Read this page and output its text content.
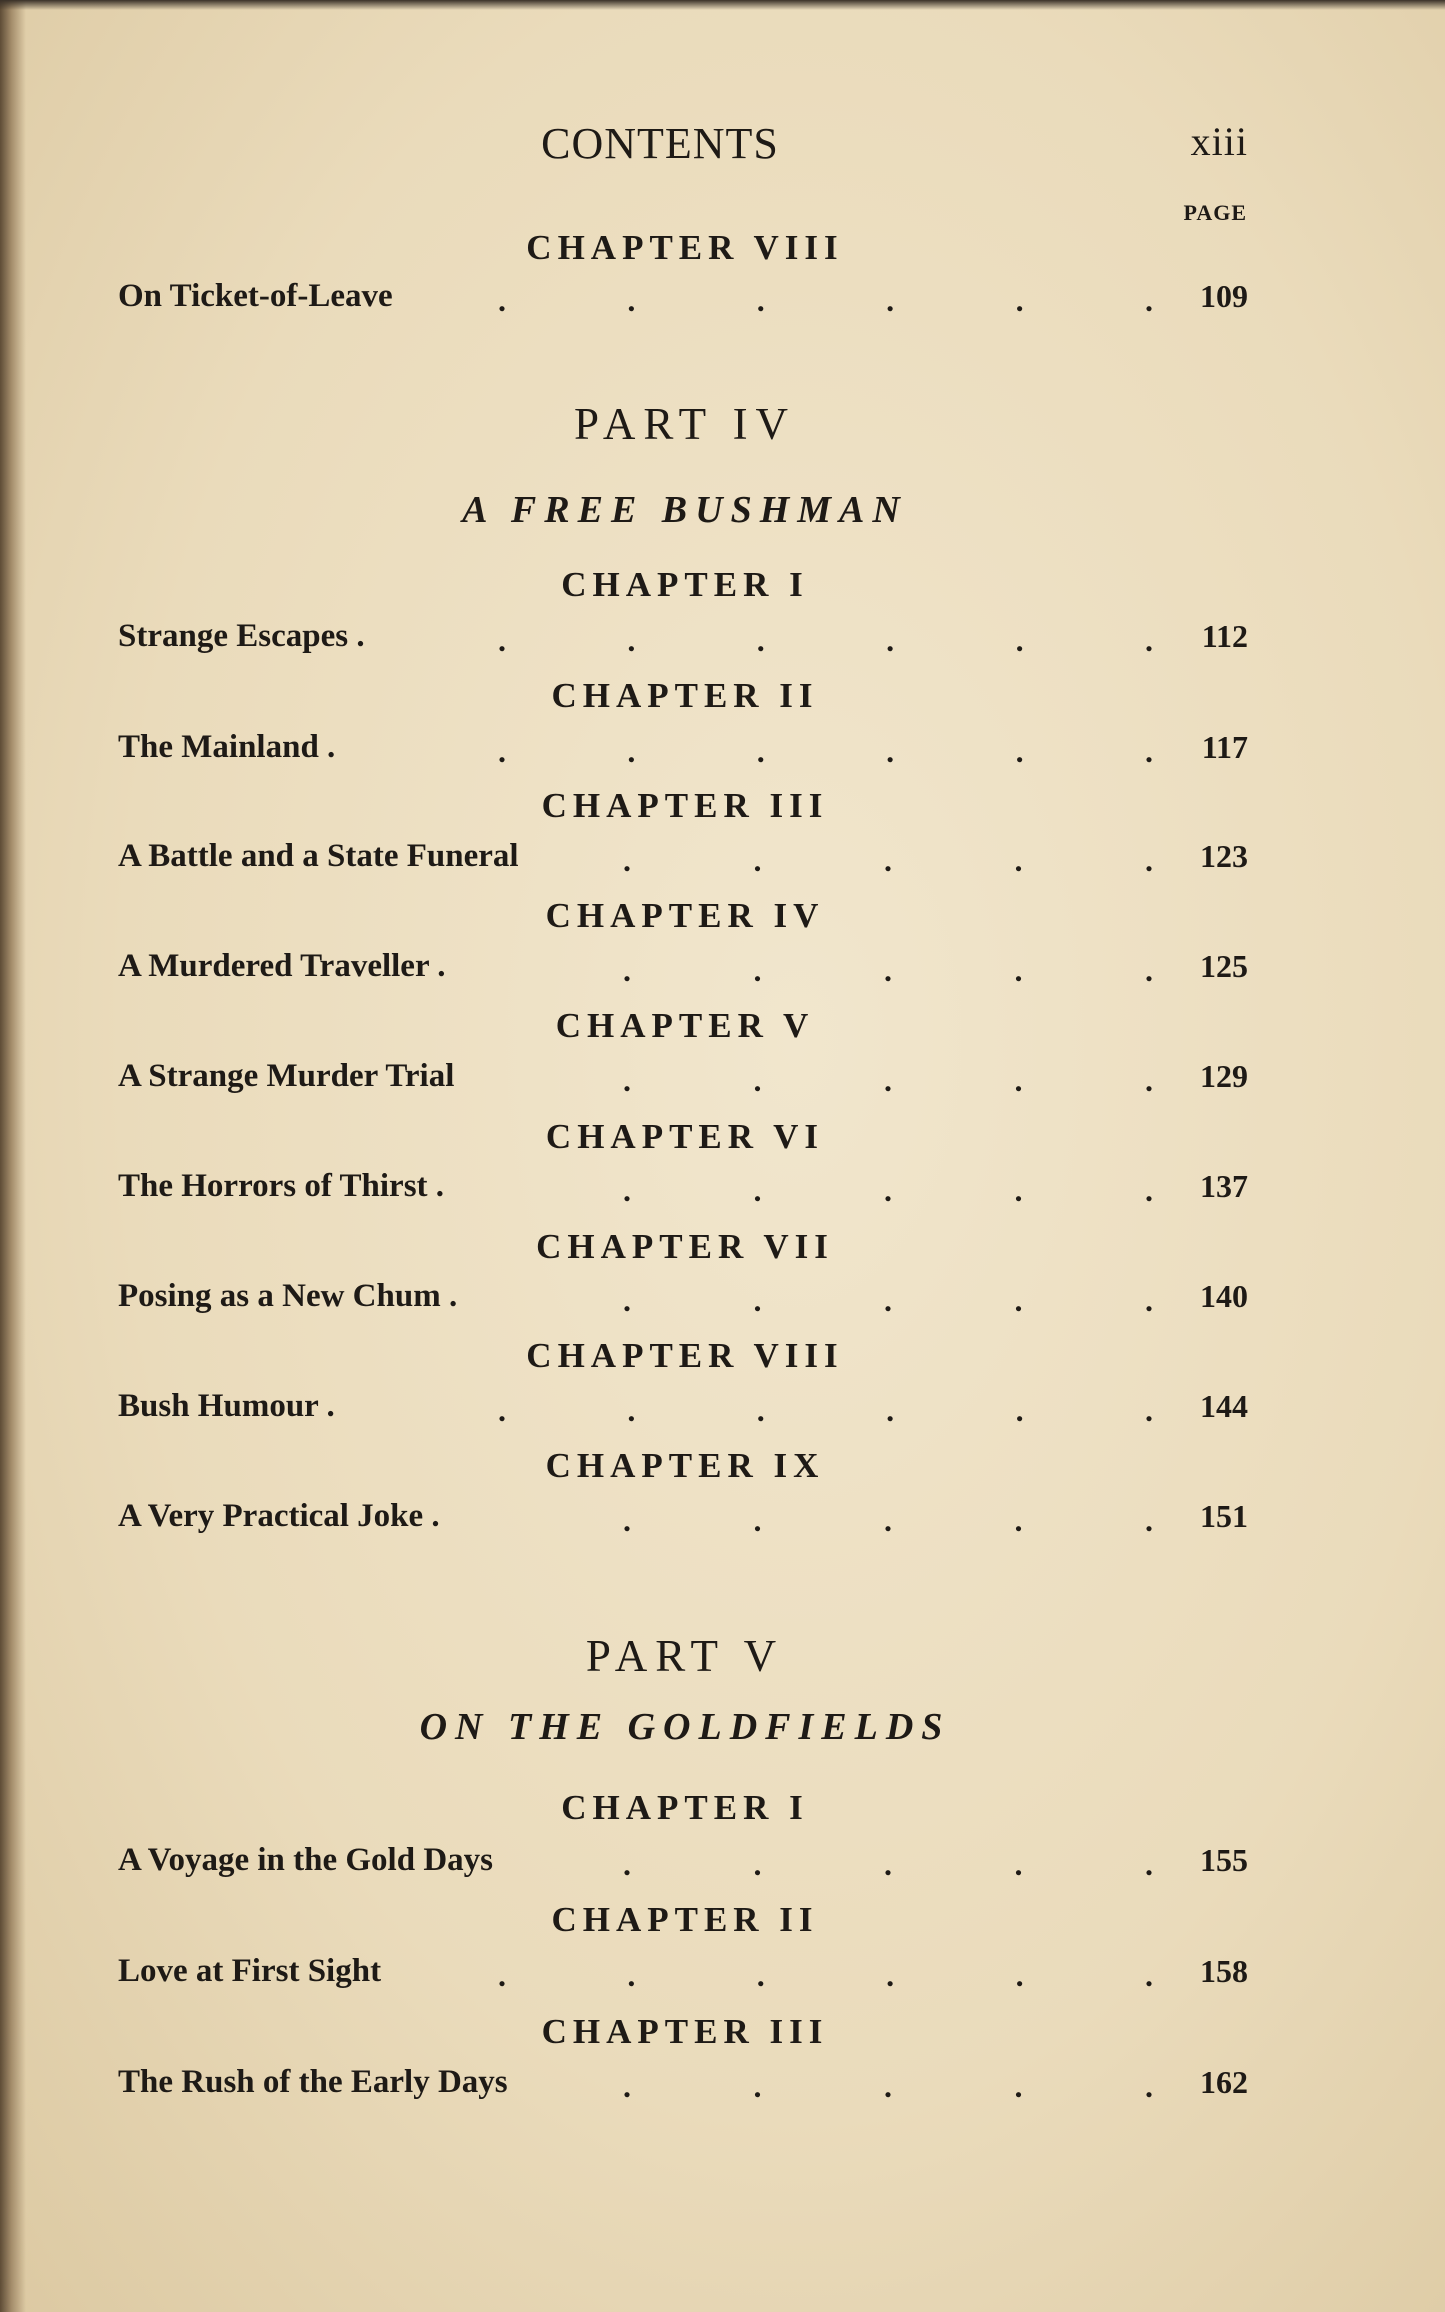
CONTENTS	xiii
PAGE
CHAPTER VIII
On Ticket-of-Leave	.	.	.	.	.	. 109
PART IV
A FREE BUSHMAN
CHAPTER I
Strange Escapes .	.	.	.	.	.	. 112
CHAPTER II
The Mainland .	.	.	.	.	.	. 117
CHAPTER III
A Battle and a State Funeral	.	.	.	.	. 123
CHAPTER IV
A Murdered Traveller .	.	.	.	.	. 125
CHAPTER V
A Strange Murder Trial	.	.	.	.	. 129
CHAPTER VI
The Horrors of Thirst .	.	.	.	.	. 137
CHAPTER VII
Posing as a New Chum .	.	.	.	.	. 140
CHAPTER VIII
Bush Humour .	.	.	.	.	.	. 144
CHAPTER IX
A Very Practical Joke .	.	.	.	.	. 151
PART V
ON THE GOLDFIELDS
CHAPTER I
A Voyage in the Gold Days	.	.	.	.	. 155
CHAPTER II
Love at First Sight	.	.	.	.	.	. 158
CHAPTER III
The Rush of the Early Days	.	.	.	.	. 162
